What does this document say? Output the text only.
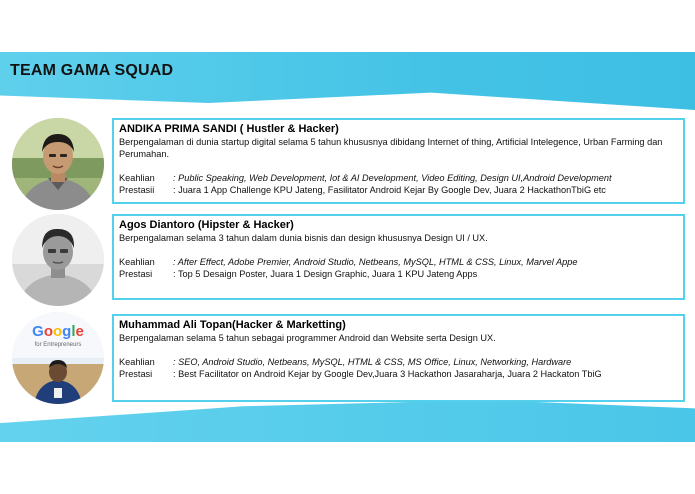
TEAM GAMA SQUAD
ANDIKA PRIMA SANDI ( Hustler & Hacker)
Berpengalaman di dunia startup digital selama 5 tahun khususnya dibidang Internet of thing, Artificial Intelegence, Urban Farming dan Perumahan.
Keahlian	: Public Speaking, Web Development, Iot & AI Development, Video Editing, Design UI,Android Development
Prestasii	: Juara 1 App Challenge KPU Jateng, Fasilitator Android Kejar By Google Dev, Juara 2 HackathonTbiG etc
Agos Diantoro (Hipster & Hacker)
Berpengalaman selama 3 tahun dalam dunia bisnis dan design khususnya Design UI / UX.
Keahlian	: After Effect, Adobe Premier, Android Studio, Netbeans, MySQL, HTML & CSS, Linux, Marvel Appe
Prestasi	: Top 5 Desaign Poster, Juara 1 Design Graphic, Juara 1 KPU Jateng Apps
Google
for Entrepreneurs
Muhammad Ali Topan(Hacker & Marketting)
Berpengalaman selama 5 tahun sebagai programmer Android dan Website serta Design UX.
Keahlian	: SEO, Android Studio, Netbeans, MySQL, HTML & CSS, MS Office, Linux, Networking, Hardware
Prestasi	: Best Facilitator on Android Kejar by Google Dev,Juara 3 Hackathon Jasaraharja, Juara 2 Hackaton TbiG
